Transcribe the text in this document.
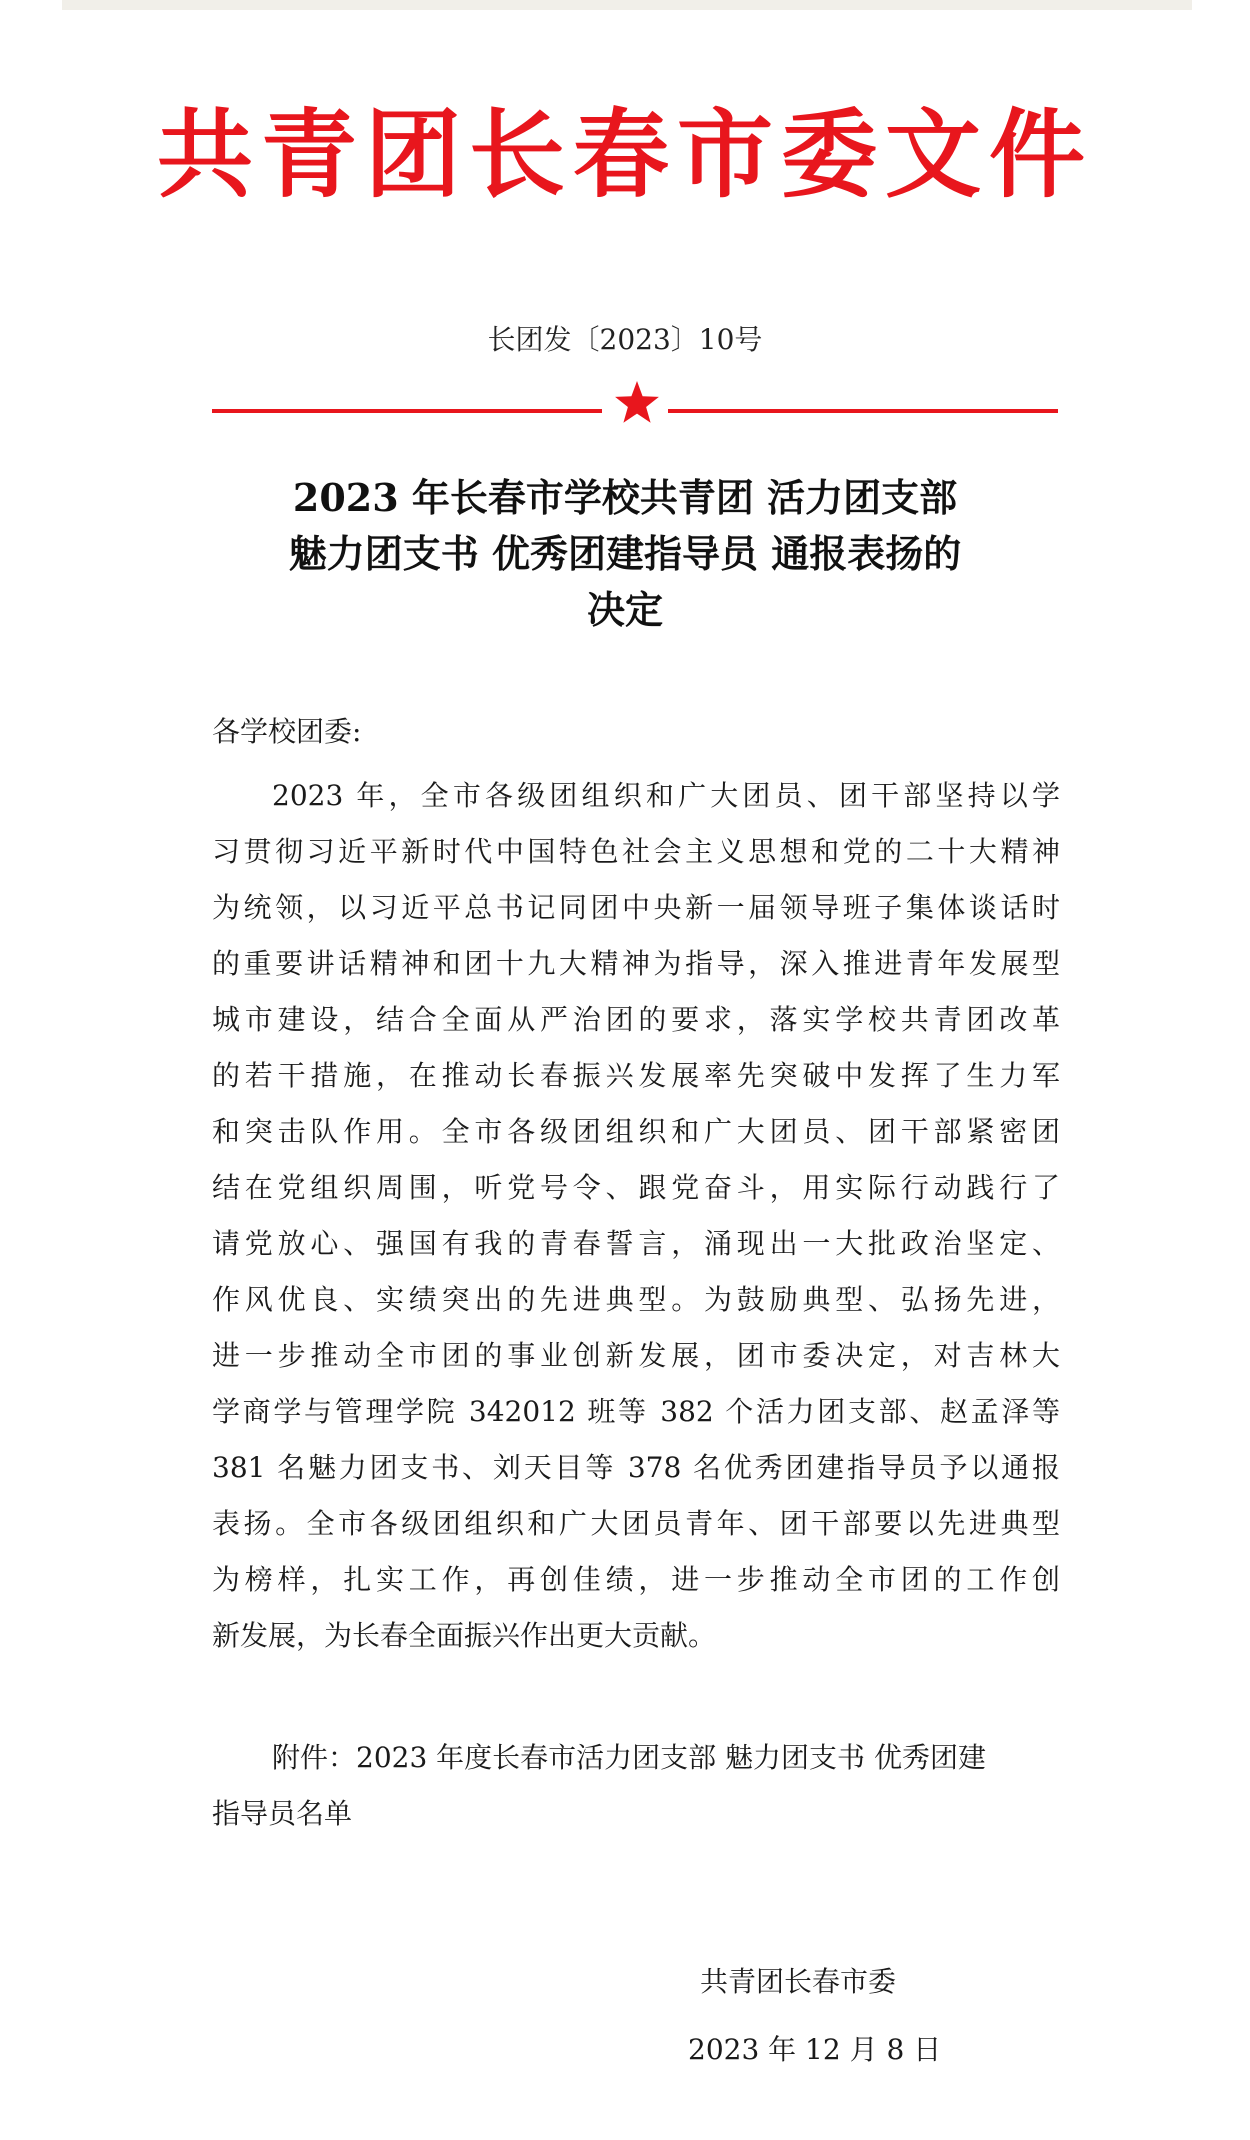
共青团长春市委文件
长团发〔2023〕10号
2023 年长春市学校共青团 活力团支部
魅力团支书 优秀团建指导员 通报表扬的
决定
各学校团委:
2023 年，全市各级团组织和广大团员、团干部坚持以学
习贯彻习近平新时代中国特色社会主义思想和党的二十大精神
为统领，以习近平总书记同团中央新一届领导班子集体谈话时
的重要讲话精神和团十九大精神为指导，深入推进青年发展型
城市建设，结合全面从严治团的要求，落实学校共青团改革
的若干措施，在推动长春振兴发展率先突破中发挥了生力军
和突击队作用。全市各级团组织和广大团员、团干部紧密团
结在党组织周围，听党号令、跟党奋斗，用实际行动践行了
请党放心、强国有我的青春誓言，涌现出一大批政治坚定、
作风优良、实绩突出的先进典型。为鼓励典型、弘扬先进，
进一步推动全市团的事业创新发展，团市委决定，对吉林大
学商学与管理学院 342012 班等 382 个活力团支部、赵孟泽等
381 名魅力团支书、刘天目等 378 名优秀团建指导员予以通报
表扬。全市各级团组织和广大团员青年、团干部要以先进典型
为榜样，扎实工作，再创佳绩，进一步推动全市团的工作创
新发展，为长春全面振兴作出更大贡献。
附件：2023 年度长春市活力团支部 魅力团支书 优秀团建
指导员名单
共青团长春市委
2023 年 12 月 8 日
